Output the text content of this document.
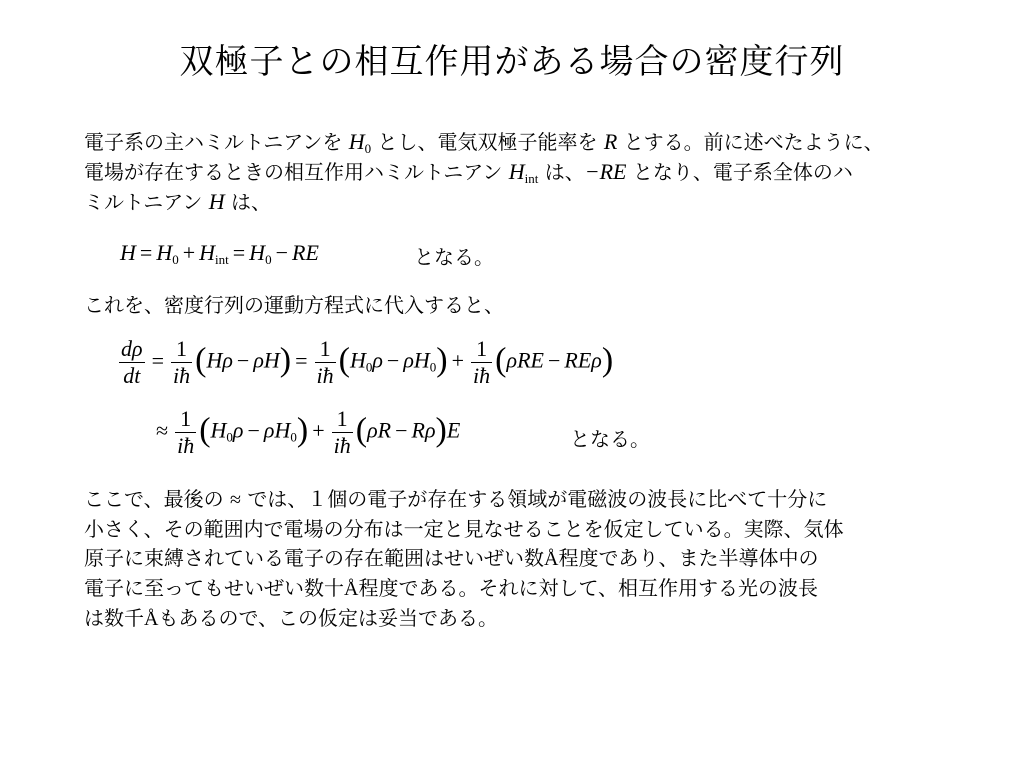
双極子との相互作用がある場合の密度行列
電子系の主ハミルトニアンを $H_0$ とし、電気双極子能率を R とする。前に述べたように、
電場が存在するときの相互作用ハミルトニアン $H_{int}$ は、−RE となり、電子系全体のハ
ミルトニアン H は、
$H = H_0 + H_{int} = H_0$ − RE	となる。
これを、密度行列の運動方程式に代入すると、
$\frac{d\rho}{dt} = \frac{1}{iħ} (H\rho - \rho H) = \frac{1}{iħ} (H_0\rho - \rho H_0) + \frac{1}{iħ} (\rho RE - RE\rho)$
≈ $\frac{1}{iħ} (H_0\rho - \rho H_0) + \frac{1}{iħ} (\rho R - R\rho)E$	となる。
ここで、最後の ≈ では、１個の電子が存在する領域が電磁波の波長に比べて十分に
小さく、その範囲内で電場の分布は一定と見なせることを仮定している。実際、気体
原子に束縛されている電子の存在範囲はせいぜい数Å程度であり、また半導体中の
電子に至ってもせいぜい数十Å程度である。それに対して、相互作用する光の波長
は数千Åもあるので、この仮定は妥当である。
